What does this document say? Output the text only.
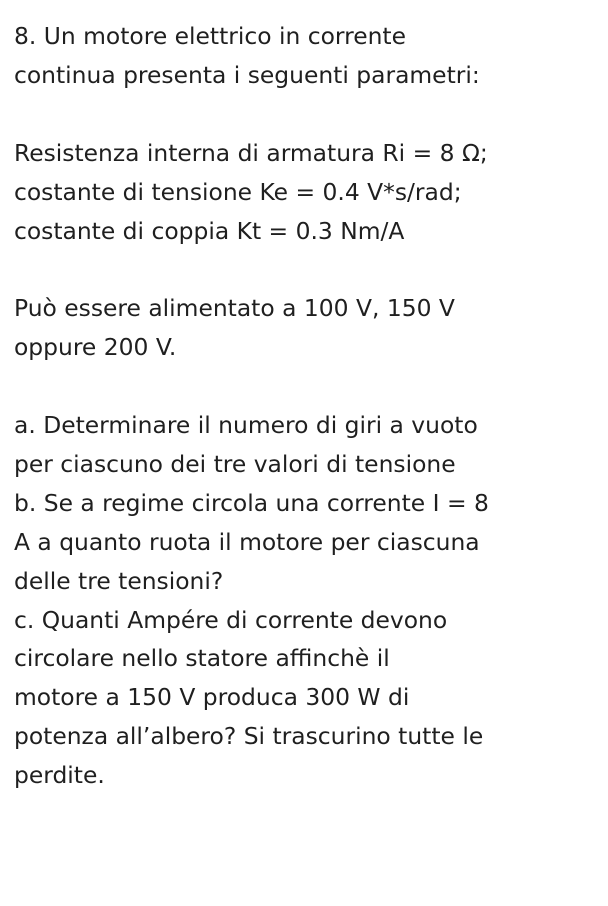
8. Un motore elettrico in corrente
continua presenta i seguenti parametri:
Resistenza interna di armatura Ri = 8 Ω;
costante di tensione Ke = 0.4 V*s/rad;
costante di coppia Kt = 0.3 Nm/A
Può essere alimentato a 100 V, 150 V
oppure 200 V.
a. Determinare il numero di giri a vuoto
per ciascuno dei tre valori di tensione
b. Se a regime circola una corrente I = 8
A a quanto ruota il motore per ciascuna
delle tre tensioni?
c. Quanti Ampére di corrente devono
circolare nello statore affinchè il
motore a 150 V produca 300 W di
potenza all’albero? Si trascurino tutte le
perdite.
